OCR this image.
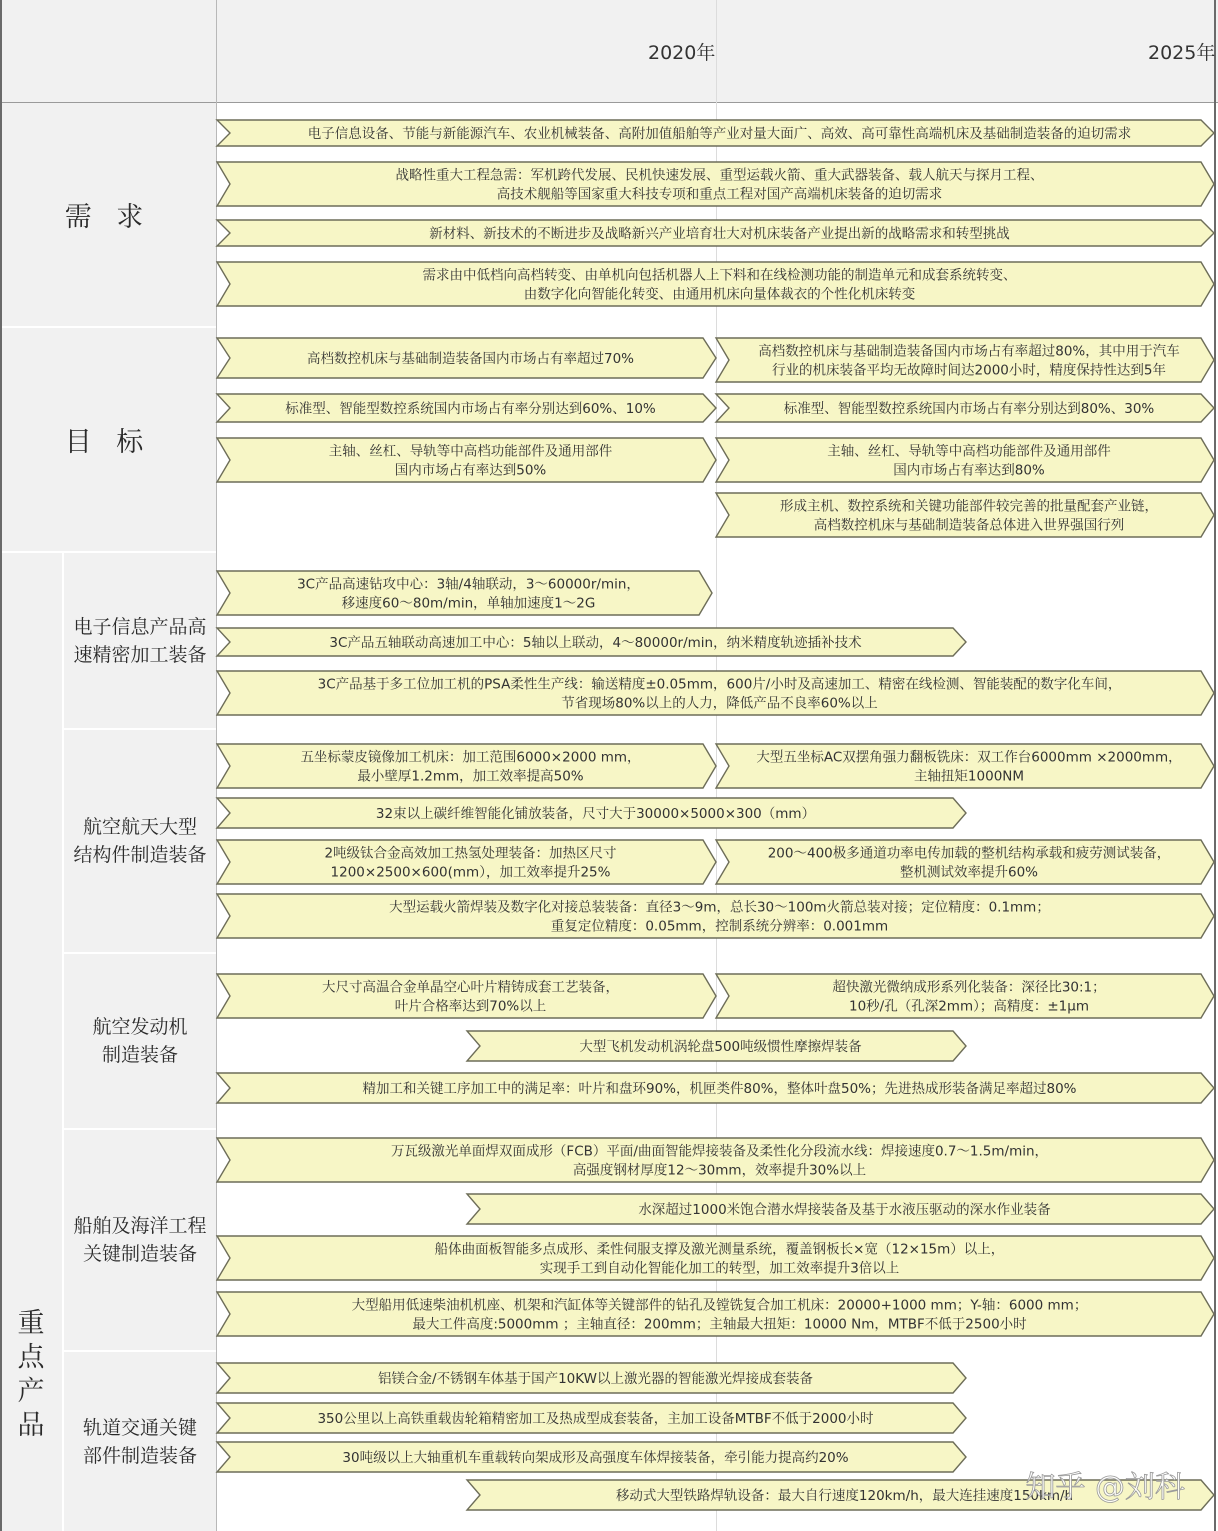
2020年	2025年
需 求
目 标
重
点
产
品
电子信息产品高
速精密加工装备
航空航天大型
结构件制造装备
航空发动机
制造装备
船舶及海洋工程
关键制造装备
轨道交通关键
部件制造装备
电子信息设备、节能与新能源汽车、农业机械装备、高附加值船舶等产业对量大面广、高效、高可靠性高端机床及基础制造装备的迫切需求
战略性重大工程急需：军机跨代发展、民机快速发展、重型运载火箭、重大武器装备、载人航天与探月工程、
高技术舰船等国家重大科技专项和重点工程对国产高端机床装备的迫切需求
新材料、新技术的不断进步及战略新兴产业培育壮大对机床装备产业提出新的战略需求和转型挑战
需求由中低档向高档转变、由单机向包括机器人上下料和在线检测功能的制造单元和成套系统转变、
由数字化向智能化转变、由通用机床向量体裁衣的个性化机床转变
高档数控机床与基础制造装备国内市场占有率超过70%	高档数控机床与基础制造装备国内市场占有率超过80%，其中用于汽车
行业的机床装备平均无故障时间达2000小时，精度保持性达到5年
标准型、智能型数控系统国内市场占有率分别达到60%、10%	标准型、智能型数控系统国内市场占有率分别达到80%、30%
主轴、丝杠、导轨等中高档功能部件及通用部件
国内市场占有率达到50%
主轴、丝杠、导轨等中高档功能部件及通用部件
国内市场占有率达到80%
形成主机、数控系统和关键功能部件较完善的批量配套产业链，
高档数控机床与基础制造装备总体进入世界强国行列
3C产品高速钻攻中心：3轴/4轴联动，3～60000r/min，
移速度60～80m/min，单轴加速度1～2G
3C产品五轴联动高速加工中心：5轴以上联动，4～80000r/min，纳米精度轨迹插补技术
3C产品基于多工位加工机的PSA柔性生产线：输送精度±0.05mm，600片/小时及高速加工、精密在线检测、智能装配的数字化车间，
节省现场80%以上的人力，降低产品不良率60%以上
五坐标蒙皮镜像加工机床：加工范围6000×2000 mm，
最小壁厚1.2mm，加工效率提高50%
大型五坐标AC双摆角强力翻板铣床：双工作台6000mm ×2000mm，
主轴扭矩1000NM
32束以上碳纤维智能化铺放装备，尺寸大于30000×5000×300（mm）
2吨级钛合金高效加工热氢处理装备：加热区尺寸
1200×2500×600(mm），加工效率提升25%
200～400极多通道功率电传加载的整机结构承载和疲劳测试装备，
整机测试效率提升60%
大型运载火箭焊装及数字化对接总装装备：直径3～9m，总长30～100m火箭总装对接；定位精度：0.1mm；
重复定位精度：0.05mm，控制系统分辨率：0.001mm
大尺寸高温合金单晶空心叶片精铸成套工艺装备，
叶片合格率达到70%以上
超快激光微纳成形系列化装备：深径比30:1；
10秒/孔（孔深2mm）；高精度：±1μm
大型飞机发动机涡轮盘500吨级惯性摩擦焊装备
精加工和关键工序加工中的满足率：叶片和盘环90%，机匣类件80%，整体叶盘50%；先进热成形装备满足率超过80%
万瓦级激光单面焊双面成形（FCB）平面/曲面智能焊接装备及柔性化分段流水线：焊接速度0.7～1.5m/min，
高强度钢材厚度12～30mm，效率提升30%以上
水深超过1000米饱合潜水焊接装备及基于水液压驱动的深水作业装备
船体曲面板智能多点成形、柔性伺服支撑及激光测量系统，覆盖钢板长×宽（12×15m）以上，
实现手工到自动化智能化加工的转型，加工效率提升3倍以上
大型船用低速柴油机机座、机架和汽缸体等关键部件的钻孔及镗铣复合加工机床：20000+1000 mm；Y-轴：6000 mm；
最大工件高度:5000mm ；主轴直径：200mm；主轴最大扭矩：10000 Nm，MTBF不低于2500小时
铝镁合金/不锈钢车体基于国产10KW以上激光器的智能激光焊接成套装备
350公里以上高铁重载齿轮箱精密加工及热成型成套装备，主加工设备MTBF不低于2000小时
30吨级以上大轴重机车重载转向架成形及高强度车体焊接装备，牵引能力提高约20%
移动式大型铁路焊轨设备：最大自行速度120km/h，最大连挂速度150km/h
知乎 @刘科
